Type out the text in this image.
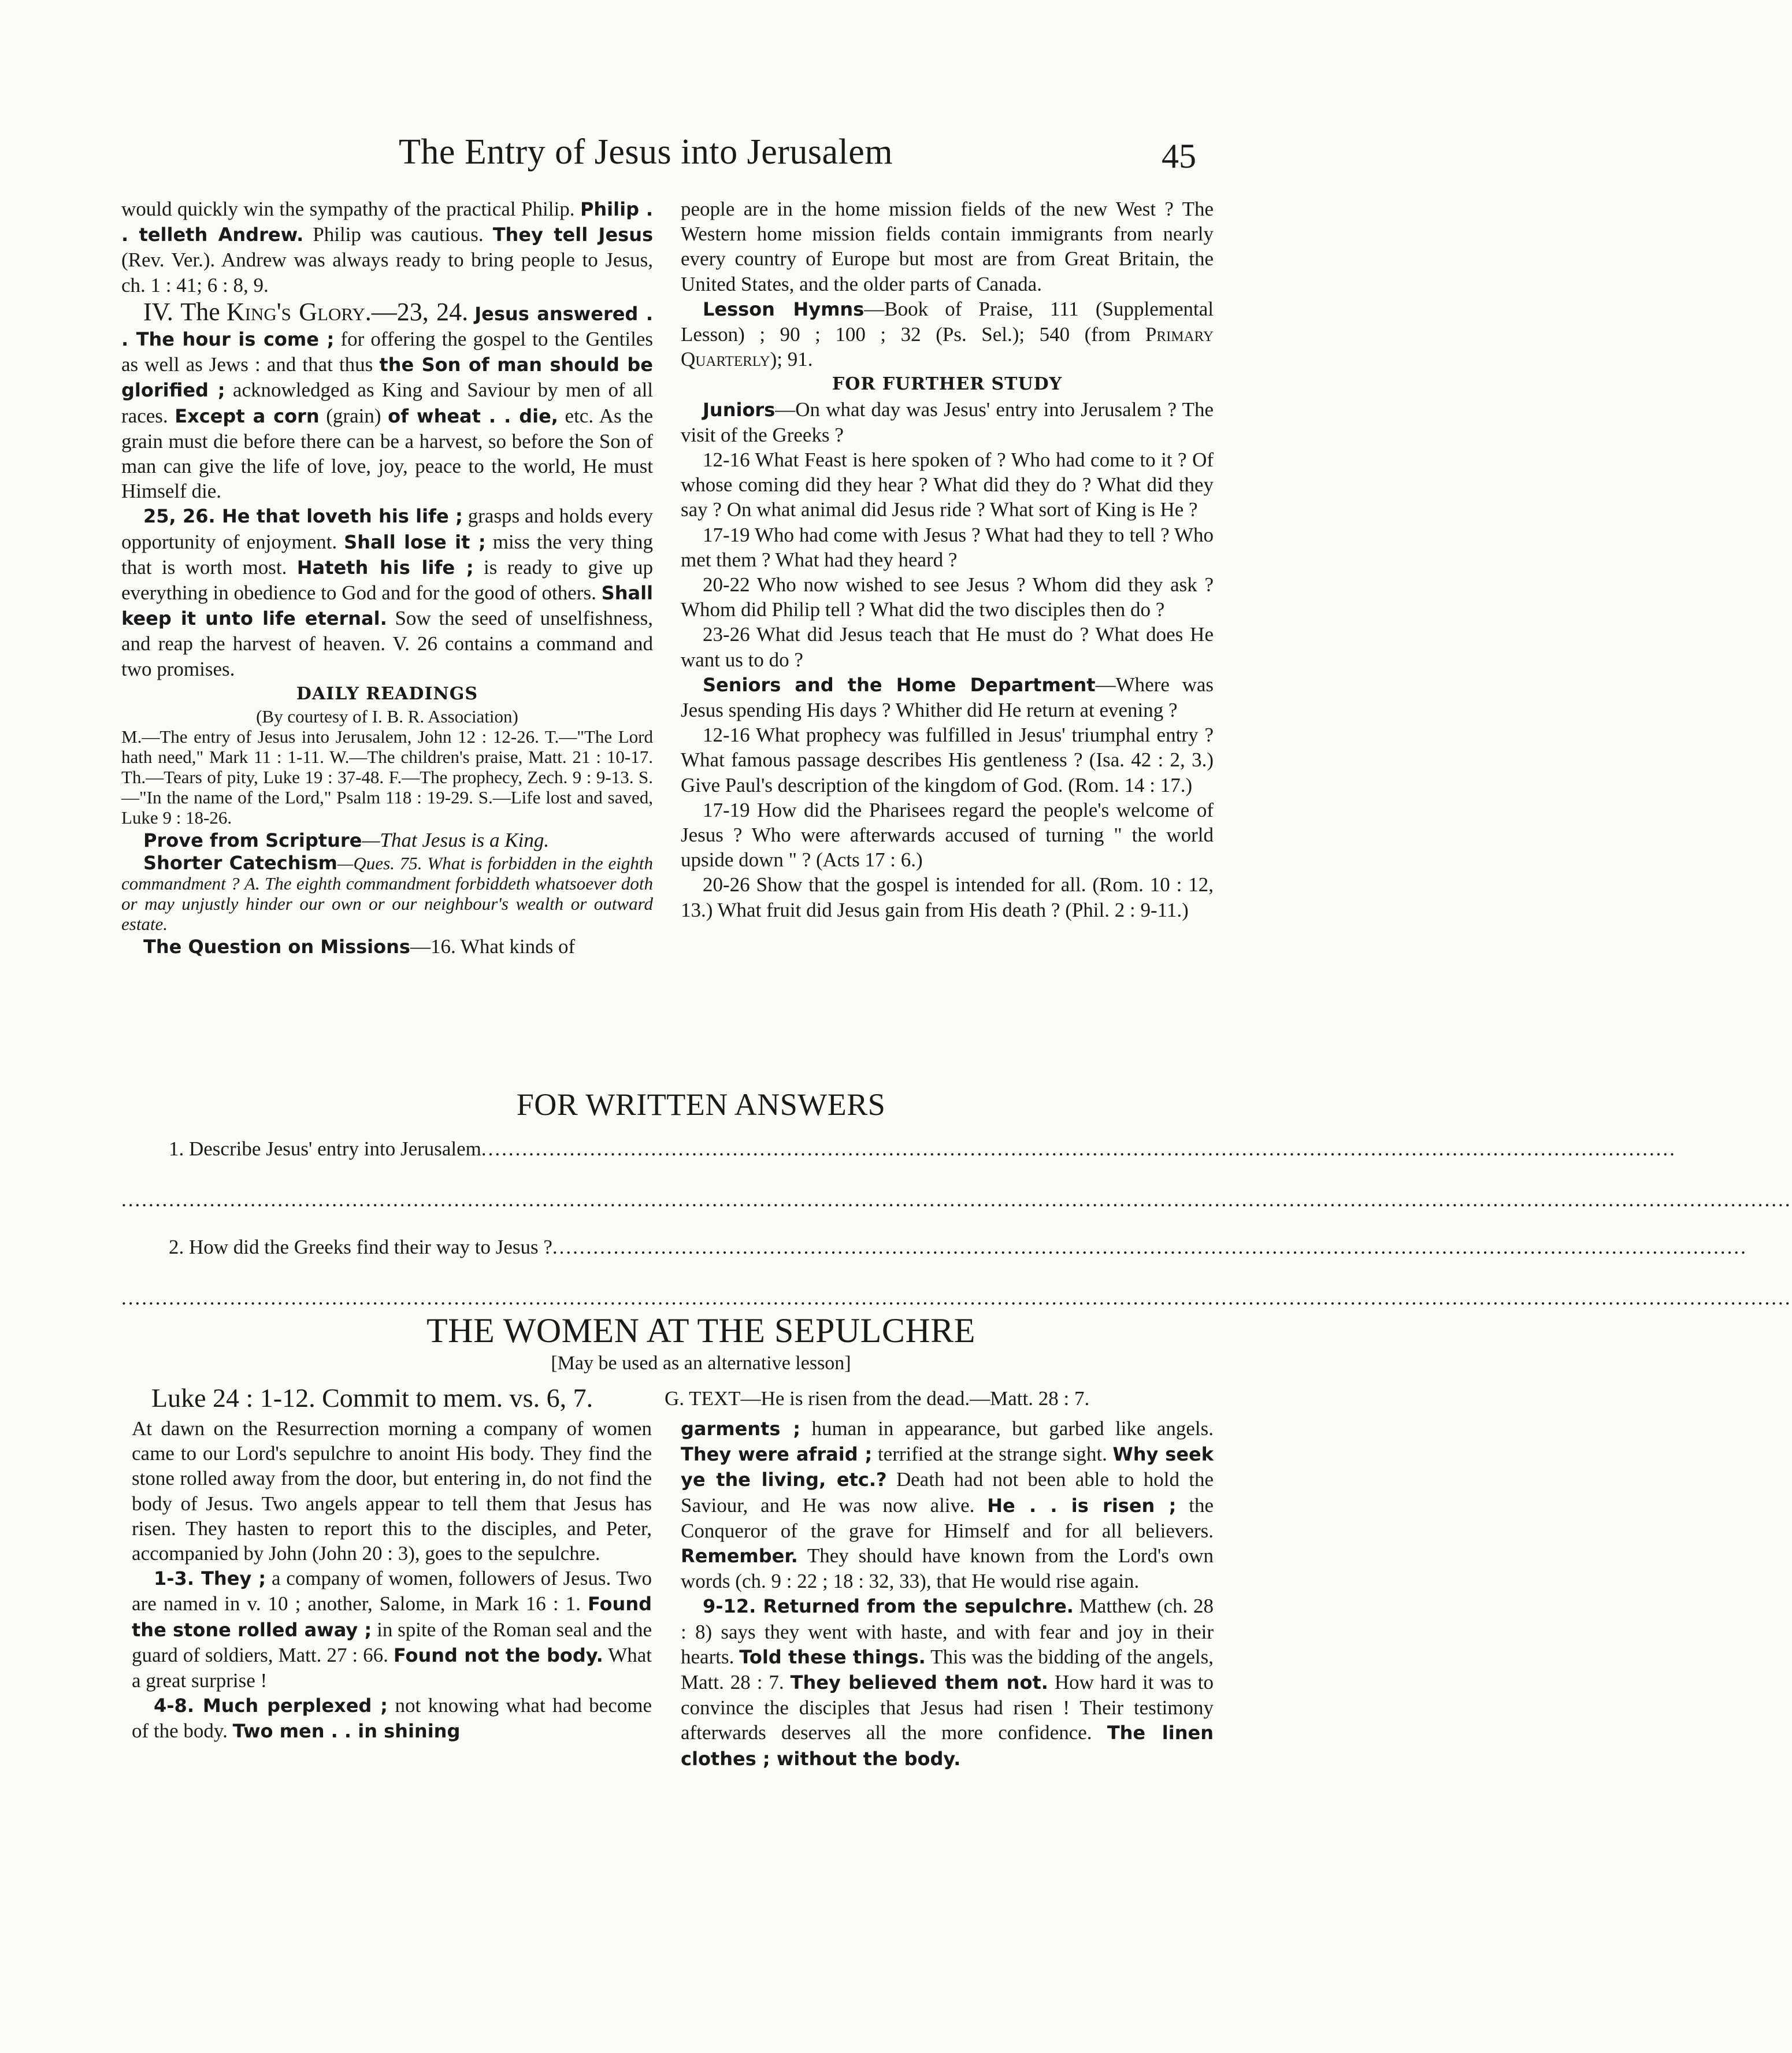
The Entry of Jesus into Jerusalem	45

would quickly win the sympathy of the practical Philip. Philip . . telleth Andrew. Philip was cautious. They tell Jesus (Rev. Ver.). Andrew was always ready to bring people to Jesus, ch. 1 : 41; 6 : 8, 9.

IV. The King's Glory.—23, 24. Jesus answered . . The hour is come ; for offering the gospel to the Gentiles as well as Jews : and that thus the Son of man should be glorified ; acknowledged as King and Saviour by men of all races. Except a corn (grain) of wheat . . die, etc. As the grain must die before there can be a harvest, so before the Son of man can give the life of love, joy, peace to the world, He must Himself die.

25, 26. He that loveth his life ; grasps and holds every opportunity of enjoyment. Shall lose it ; miss the very thing that is worth most. Hateth his life ; is ready to give up everything in obedience to God and for the good of others. Shall keep it unto life eternal. Sow the seed of unselfishness, and reap the harvest of heaven. V. 26 contains a command and two promises.

DAILY READINGS

(By courtesy of I. B. R. Association)

M.—The entry of Jesus into Jerusalem, John 12 : 12-26. T.—"The Lord hath need," Mark 11 : 1-11. W.—The children's praise, Matt. 21 : 10-17. Th.—Tears of pity, Luke 19 : 37-48. F.—The prophecy, Zech. 9 : 9-13. S.—"In the name of the Lord," Psalm 118 : 19-29. S.—Life lost and saved, Luke 9 : 18-26.

Prove from Scripture—That Jesus is a King.

Shorter Catechism—Ques. 75. What is forbidden in the eighth commandment ? A. The eighth commandment forbiddeth whatsoever doth or may unjustly hinder our own or our neighbour's wealth or outward estate.

The Question on Missions—16. What kinds of

people are in the home mission fields of the new West ? The Western home mission fields contain immigrants from nearly every country of Europe but most are from Great Britain, the United States, and the older parts of Canada.

Lesson Hymns—Book of Praise, 111 (Supplemental Lesson) ; 90 ; 100 ; 32 (Ps. Sel.); 540 (from Primary Quarterly); 91.

FOR FURTHER STUDY

Juniors—On what day was Jesus' entry into Jerusalem ? The visit of the Greeks ?

12-16 What Feast is here spoken of ? Who had come to it ? Of whose coming did they hear ? What did they do ? What did they say ? On what animal did Jesus ride ? What sort of King is He ?

17-19 Who had come with Jesus ? What had they to tell ? Who met them ? What had they heard ?

20-22 Who now wished to see Jesus ? Whom did they ask ? Whom did Philip tell ? What did the two disciples then do ?

23-26 What did Jesus teach that He must do ? What does He want us to do ?

Seniors and the Home Department—Where was Jesus spending His days ? Whither did He return at evening ?

12-16 What prophecy was fulfilled in Jesus' triumphal entry ? What famous passage describes His gentleness ? (Isa. 42 : 2, 3.) Give Paul's description of the kingdom of God. (Rom. 14 : 17.)

17-19 How did the Pharisees regard the people's welcome of Jesus ? Who were afterwards accused of turning " the world upside down " ? (Acts 17 : 6.)

20-26 Show that the gospel is intended for all. (Rom. 10 : 12, 13.) What fruit did Jesus gain from His death ? (Phil. 2 : 9-11.)

FOR WRITTEN ANSWERS
1. Describe Jesus' entry into Jerusalem................................................................................................................................................................................
......................................................................................................................................................................................................................................................
2. How did the Greeks find their way to Jesus ?................................................................................................................................................................................
......................................................................................................................................................................................................................................................
THE WOMEN AT THE SEPULCHRE
[May be used as an alternative lesson]
Luke 24 : 1-12. Commit to mem. vs. 6, 7.	G. TEXT—He is risen from the dead.—Matt. 28 : 7.

At dawn on the Resurrection morning a company of women came to our Lord's sepulchre to anoint His body. They find the stone rolled away from the door, but entering in, do not find the body of Jesus. Two angels appear to tell them that Jesus has risen. They hasten to report this to the disciples, and Peter, accompanied by John (John 20 : 3), goes to the sepulchre.

1-3. They ; a company of women, followers of Jesus. Two are named in v. 10 ; another, Salome, in Mark 16 : 1. Found the stone rolled away ; in spite of the Roman seal and the guard of soldiers, Matt. 27 : 66. Found not the body. What a great surprise !

4-8. Much perplexed ; not knowing what had become of the body. Two men . . in shining

garments ; human in appearance, but garbed like angels. They were afraid ; terrified at the strange sight. Why seek ye the living, etc.? Death had not been able to hold the Saviour, and He was now alive. He . . is risen ; the Conqueror of the grave for Himself and for all believers. Remember. They should have known from the Lord's own words (ch. 9 : 22 ; 18 : 32, 33), that He would rise again.

9-12. Returned from the sepulchre. Matthew (ch. 28 : 8) says they went with haste, and with fear and joy in their hearts. Told these things. This was the bidding of the angels, Matt. 28 : 7. They believed them not. How hard it was to convince the disciples that Jesus had risen ! Their testimony afterwards deserves all the more confidence. The linen clothes ; without the body.
